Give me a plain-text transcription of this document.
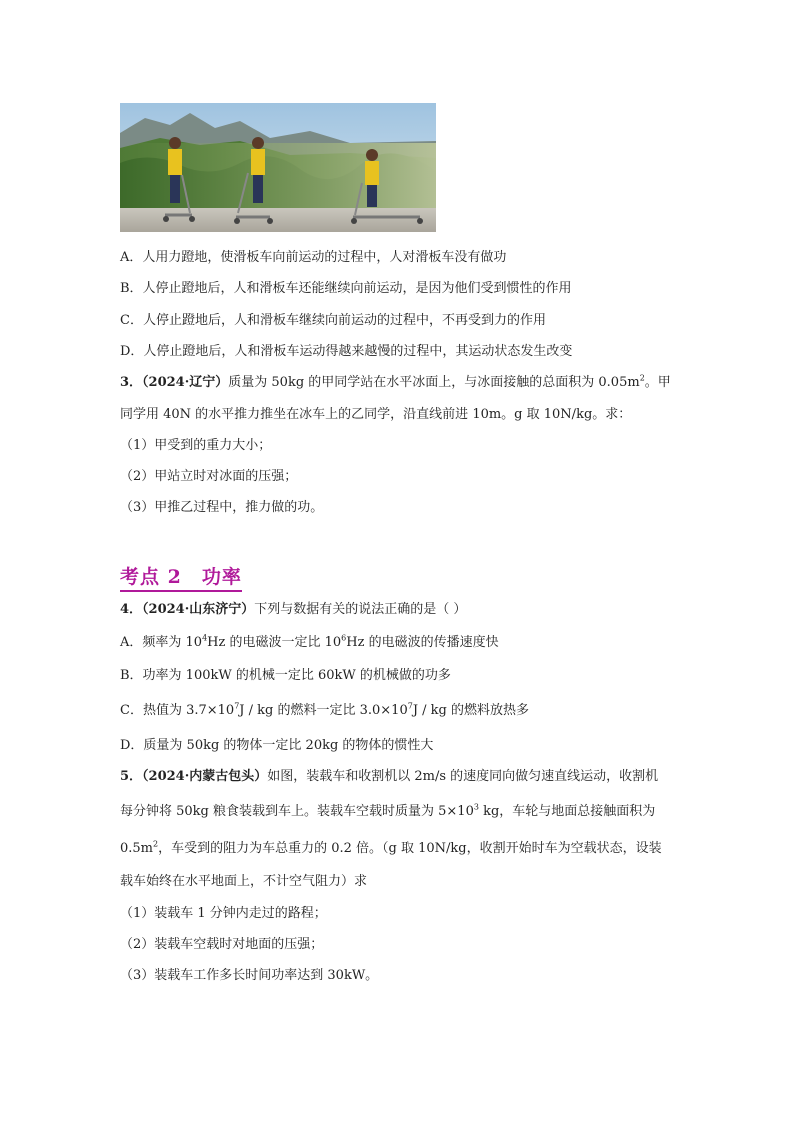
A．人用力蹬地，使滑板车向前运动的过程中，人对滑板车没有做功
B．人停止蹬地后，人和滑板车还能继续向前运动，是因为他们受到惯性的作用
C．人停止蹬地后，人和滑板车继续向前运动的过程中，不再受到力的作用
D．人停止蹬地后，人和滑板车运动得越来越慢的过程中，其运动状态发生改变
3．（2024·辽宁）质量为 50kg 的甲同学站在水平冰面上，与冰面接触的总面积为 $0.05m^2$。甲
同学用 40N 的水平推力推坐在冰车上的乙同学，沿直线前进 10m。g 取 10N/kg。求：
（1）甲受到的重力大小；
（2）甲站立时对冰面的压强；
（3）甲推乙过程中，推力做的功。
考点 2　功率
4．（2024·山东济宁）下列与数据有关的说法正确的是（ ）
A．频率为 $10^4Hz$ 的电磁波一定比 $10^6Hz$ 的电磁波的传播速度快
B．功率为 100kW 的机械一定比 60kW 的机械做的功多
C．热值为 $3.7\times 10^7J$ / kg 的燃料一定比 $3.0\times 10^7J$ / kg 的燃料放热多
D．质量为 50kg 的物体一定比 20kg 的物体的惯性大
5．（2024·内蒙古包头）如图，装载车和收割机以 2m/s 的速度同向做匀速直线运动，收割机
每分钟将 50kg 粮食装载到车上。装载车空载时质量为 $5\times 10^3$ kg，车轮与地面总接触面积为
$0.5m^2$，车受到的阻力为车总重力的 0.2 倍。（g 取 10N/kg，收割开始时车为空载状态，设装
载车始终在水平地面上，不计空气阻力）求
（1）装载车 1 分钟内走过的路程；
（2）装载车空载时对地面的压强；
（3）装载车工作多长时间功率达到 30kW。
